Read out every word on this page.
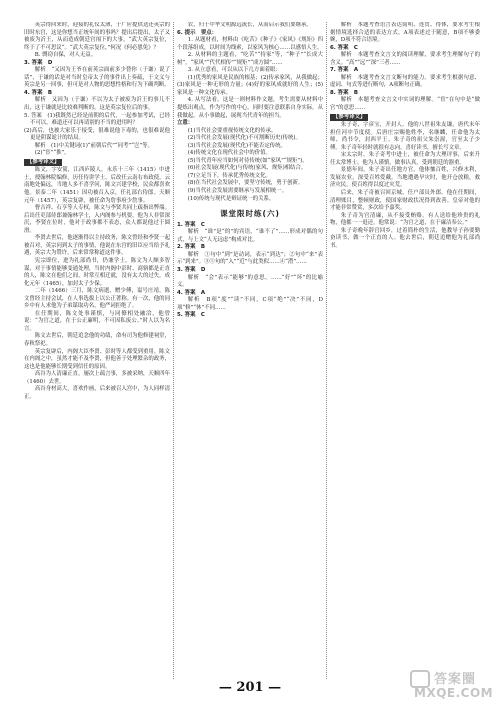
英宗得回来时，迎接的礼仪太薄，于广应提供送还英宗的旧时东宫，这是你想当正统年间的事吗？提出后提出，太子又被废为沂王，从而造成朝廷宫闱下的大事，“武大英宗复位，终于了不可思议“。“武大英宗复位，”何况《何必恩免》？

B. 剽窃自保，对人无益。

3. 答案　D

解析　“又因为王爷在前英宗面前多少替你（于谦）说了话”，于谦的话是对当时皇帝太子的事件出上奏疏，于文义与英宗是另一回事，但可是对人物的思想性格和行为下确判断。

4. 答案　B

解析　又因为（于谦）不以为太子被废为沂王的事儿不出，这于谦就是比较难判断的，这是英宗复位后的事。

5. 答案　(1)我既然已经是前朝的后代，一起参加考试，已经不可以，难道还可以再请别的不当的进用吗？

(2)高后，也被大家乐于接受，很难说他下毒的，也很难说他更是阴谋诡计的结局。

解析　(1)中关键词(1)“前朝后代”“同考”“岂”等。

(2)“宦”“推”。

【参考译文】

陈文，字安简，江西庐陵人。永乐十三年（1415）中进士，授翰林院编修，历任侍讲学士，后改任云南右布政使，云南地处偏远，当地人多不喜学问，陈文兴建学校，民众都喜欢他。景泰二年（1451）因功被召入京，任礼部右侍郎。天顺元年（1457），英宗复辟，被任命为詹事府少詹事。

曹吉祥、石亨等人专权，陈文与李贤共同上疏指出弊端。后出任吏部侍郎兼翰林学士，入内阁参与机要，他为人非常深沉，李贤在位时，他对于政事都不表态，众人都说他过于圆滑。

李贤去世后，他逐渐得以主持政务，陈文曾经和李贤一起被召对，英宗问到太子的事情，他说在东宫的旧臣应当给予礼遇，英宗大为赞许，后来常常称道这件事。

宪宗即位，进为礼部尚书，仍兼学士。陈文为人颇多智谋，对于事情能够变通处理，当时内阁中彭时、商辂都是正直的人，陈文在他们之间，时常互相迁就，没有太大的过失。成化元年（1465），加封太子少保。

二年（1466）三月，陈文病逝，赠少傅，谥号庄靖。陈文曾经主持会试，在人事选拔上以公正著称。有一次，他的同乡中有人求他为子弟谋取功名，他严词拒绝了。

在任期间，陈文处事谨慎，与同僚相处融洽，他曾说：“为官之道，在于公正廉明，不可因私废公。”时人以为名言。

陈文去世后，朝廷追念他的功绩，命有司为他修建祠堂，春秋祭祀。

英宗复辟后，内阁大臣李贤、彭时等人都受到重用。陈文在内阁之中，虽然才能不及李贤，但他善于处理繁杂的政务，这也是他能够长期受到信任的原因。

高谷为人清廉正直，屡次上疏言事，多被采纳，天顺四年（1460）去世。

高谷身材高大，喜欢作画，后来被召入宫中，为人同样清正。

农，归于中华文明源远流长，从而启示我们要继承。

6. 提示　要点：

1. 从题材看，材料由《吃苦》《种子》《家风》《规矩》四个段落组成，以时间为线索，以家风为核心……以感悟人生。

2. 从材料的主题看，“吃苦”“持家”等，“种子”“长成大树”，“家风”“代代相传”“规矩”“成方圆”……

3. 从立意看，可以从以下几方面着眼：

(1)优秀的家风是民族的根基；(2)传承家风，从我做起；(3)家风是一种无形的力量；(4)好的家风成就好的人生；(5)家风是一种文化传承。

4. 从写法看，这是一则材料作文题，考生需要从材料中提炼出观点，作为写作的中心。同时要注意联系自身实际，从我做起，从小事做起，展现当代青年的担当。

立意：

(1)当代社会要重视传统文化的传承。

(2)当代社会发展(现代化)不可割断历史(传统)。

(3)当代社会发展(现代化)不能否定传统。

(4)传统文化在现代社会中的价值。

(5)当代青年应当如何对待传统(如“家风”“规矩”)。

(6)社会发展(现代化)与传统(家风、规矩)相结合。

(7)立足当下，传承优秀传统文化。

(8)在当代社会发展中，要坚守传统，勇于创新。

(9)当代社会发展需要继承与发展相统一。

(10)传统与现代是辩证统一的关系。

课堂限时练(六)

1. 答案　C

解析　“谁”是“的”的宾语，“谁不了”……形成对偶的句式，与上文“人无远虑”构成对比。

2. 答案　B

解析　①句中“到”是动词，表示“到达”；②句中“来”表示“到来”。③⑤句的“入”“近”与此类似……④“潜”……

3. 答案　D

解析　“会”表示“能够”的意思，……“好”“坏”的比喻义。

4. 答案　A

解析　B项“度”“读”不同，C项“绝”“决”不同，D项“修”“休”不同……

5. 答案　C

解析　本题考查语言表达简明、连贯、得体，要求考生根据情境选择合适的表达方式。A项表述过于随意，B项不够委婉，D项不符合语境。

6. 答案　C

解析　本题考查文言文的阅读理解，要求考生理解句子的含义。“高”“远”“深”三者……

7. 答案　A

解析　本题考查文言文断句的能力。要求考生根据句意、虚词、句式等进行断句，A项断句正确。

8. 答案　B

解析　本题考查文言文中实词的理解。“宦”在句中是“做官”的意思……

【参考译文】

朱子奇，字彦宝，开封人。他的八世祖朱友谦，唐代末年担任河中节度使。后唐庄宗赐他姓李，名继麟，任命他为太师、尚书令，封西平王。朱子奇的祖父朱崇渥，官至太子少傅。朱子奇年轻时就很有志向，喜好读书，擅长写文章。

宋太宗时，朱子奇考中进士，被任命为大理评事，后来升任太常博士。他为人谨慎，做事认真，受到朝廷的器重。

景德年间，朱子奇出任地方官，他体恤百姓，兴修水利，发展农业，深受百姓爱戴。当地遭遇旱灾时，他开仓放粮，救济灾民，使百姓得以度过灾荒。

后来，朱子奇被召回京城，任户部员外郎。他在任期间，清理账目，整顿财政，使国家财政状况得到改善。皇帝对他的才能非常赞赏，多次给予嘉奖。

朱子奇为官清廉，从不接受贿赂。有人送给他珍贵的礼物，他都一一退还。他常说：“为官之道，在于廉洁奉公。”

朱子奇晚年辞官回乡，过着简朴的生活，他教导子孙要勤奋读书，做一个正直的人。他去世后，朝廷追赠他为礼部尚书。

— 201 —
答案圈
MXQE.COM
